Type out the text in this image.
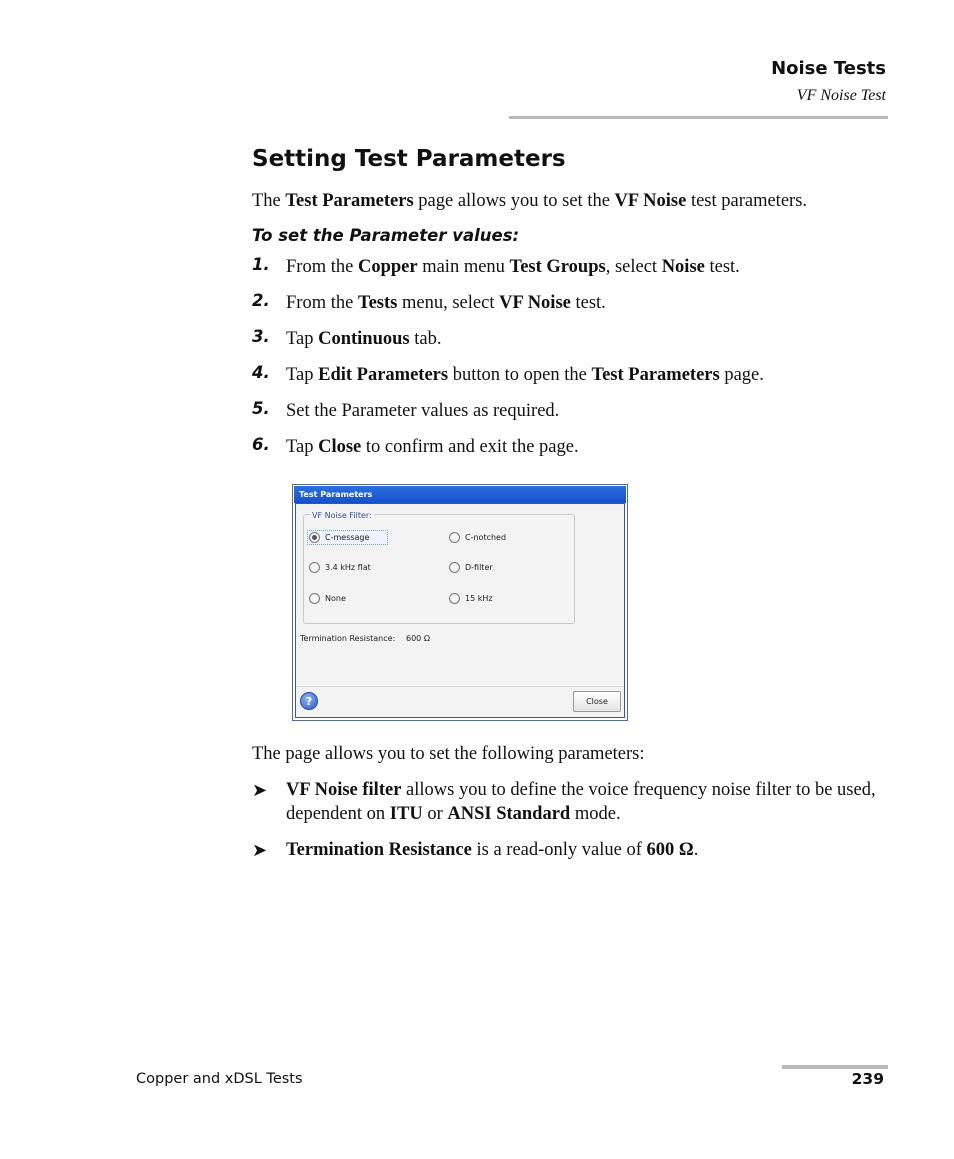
Noise Tests
VF Noise Test
Setting Test Parameters

The Test Parameters page allows you to set the VF Noise test parameters.

To set the Parameter values:
1. From the Copper main menu Test Groups, select Noise test.
2. From the Tests menu, select VF Noise test.
3. Tap Continuous tab.
4. Tap Edit Parameters button to open the Test Parameters page.
5. Set the Parameter values as required.
6. Tap Close to confirm and exit the page.
Test Parameters
VF Noise Filter:
C-message	C-notched
3.4 kHz flat	D-filter
None	15 kHz
Termination Resistance: 600 Ω
?	Close

The page allows you to set the following parameters:

➤ VF Noise filter allows you to define the voice frequency noise filter to be used, dependent on ITU or ANSI Standard mode.
➤ Termination Resistance is a read-only value of 600 Ω.
Copper and xDSL Tests	239
